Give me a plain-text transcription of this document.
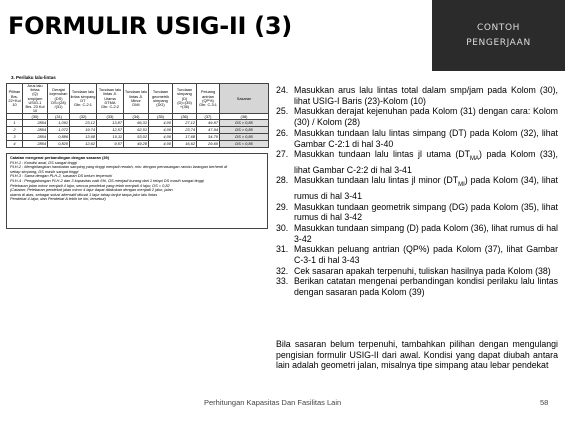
FORMULIR USIG-II (3)	CONTOH
PENGERJAAN
3. Perilaku lalu-lintas
Pilihan
Brs. 22+Kol 10	Arus lalu lintas
(Q)
smp/jam
USIG-1
Brs. 23 Kol 10	Derajat
kejenuhan
(DS)
DS=(28)
/(31)	Tundaan lalu
lintas simpang
DT
Gbr. C-2:1	Tundaan lalu
lintas Jl. Utama
DTMA
Gbr. C-2:2	Tundaan lalu
lintas Jl. Minor
DMI	Tundaan
geometrik
simpang
(DG)	Tundaan
simpang
(D)
(D)=(35)
+(36)	Peluang
antrian
(QP%)
Gbr. C-3:1	Sasaran
	(30)	(31)	(32)	(33)	(34)	(35)	(36)	(37)	(38)
1	2854	1,091	23,12	13,87	66,31	4,00	27,12	49-97	DS > 0,85
2	2854	1,072	19,74	12,57	62,51	4,00	23,74	47-94	DS > 0,85
3	2854	0,886	13,68	10,11	53,02	4,00	17,68	34-70	DS > 0,85
4	2854	0,820	12,62	9,57	49,28	4,00	16,62	29-60	DS < 0,85
Catatan mengenai perbandingan dengan sasaran (39)
PLH-1 : Kondisi awal, DS sangat tinggi
PLH-2 : Menghilangkan hambatan samping yang tinggi menjadi rendah, mis: dengan pemasangan rambu larangan berhenti di
setiap simpang, DS masih sangat tinggi
PLH-3 : Sama dengan PLH-2, sasaran DS belum terpenuhi
PLH-4 : Penggabungan PLH-2 dan 3 kapasitas naik 6%, DS menjadi kurang dari 1 tetapi DS masih sangat tinggi
Pelebaran jalan minor menjadi 4 lajur, semua pendekat yang telah menjadi 4 lajur, DS = 0,82
(Catatan: Pelebaran pendekat jalan minor 4 lajur dapat dilakukan dengan menjadi 2 jalur, jalan
utama di atas, sebagai solusi alternatif dibuat 1 lajur tahap lanjut tanpa jalur lalu lintas
Pendekat 4-lajur, dan Pendekat A lebih ke kiri, tersebut)
24. Masukkan arus lalu lintas total dalam smp/jam pada Kolom (30), lihat USIG-I Baris (23)-Kolom (10)
25. Masukkan derajat kejenuhan pada Kolom (31) dengan cara: Kolom (30) / Kolom (28)
26. Masukkan tundaan lalu lintas simpang (DT) pada Kolom (32), lihat Gambar C-2:1 di hal 3-40
27. Masukkan tundaan lalu lintas jl utama $(DT_{MA})$ pada Kolom (33), lihat Gambar C-2:2 di hal 3-41
28. Masukkan tundaan lalu lintas jl minor $(DT_{MI})$ pada Kolom (34), lihat rumus di hal 3-41
29. Masukkan tundaan geometrik simpang (DG) pada Kolom (35), lihat rumus di hal 3-42
30. Masukkan tundaan simpang (D) pada Kolom (36), lihat rumus di hal 3-42
31. Masukkan peluang antrian (QP%) pada Kolom (37), lihat Gambar C-3-1 di hal 3-43
32. Cek sasaran apakah terpenuhi, tuliskan hasilnya pada Kolom (38)
33. Berikan catatan mengenai perbandingan kondisi perilaku lalu lintas dengan sasaran pada Kolom (39)
Bila sasaran belum terpenuhi, tambahkan pilihan dengan mengulangi pengisian formulir USIG-II dari awal. Kondisi yang dapat diubah antara lain adalah geometri jalan, misalnya tipe simpang atau lebar pendekat
Perhitungan Kapasitas Dan Fasilitas Lain	58
